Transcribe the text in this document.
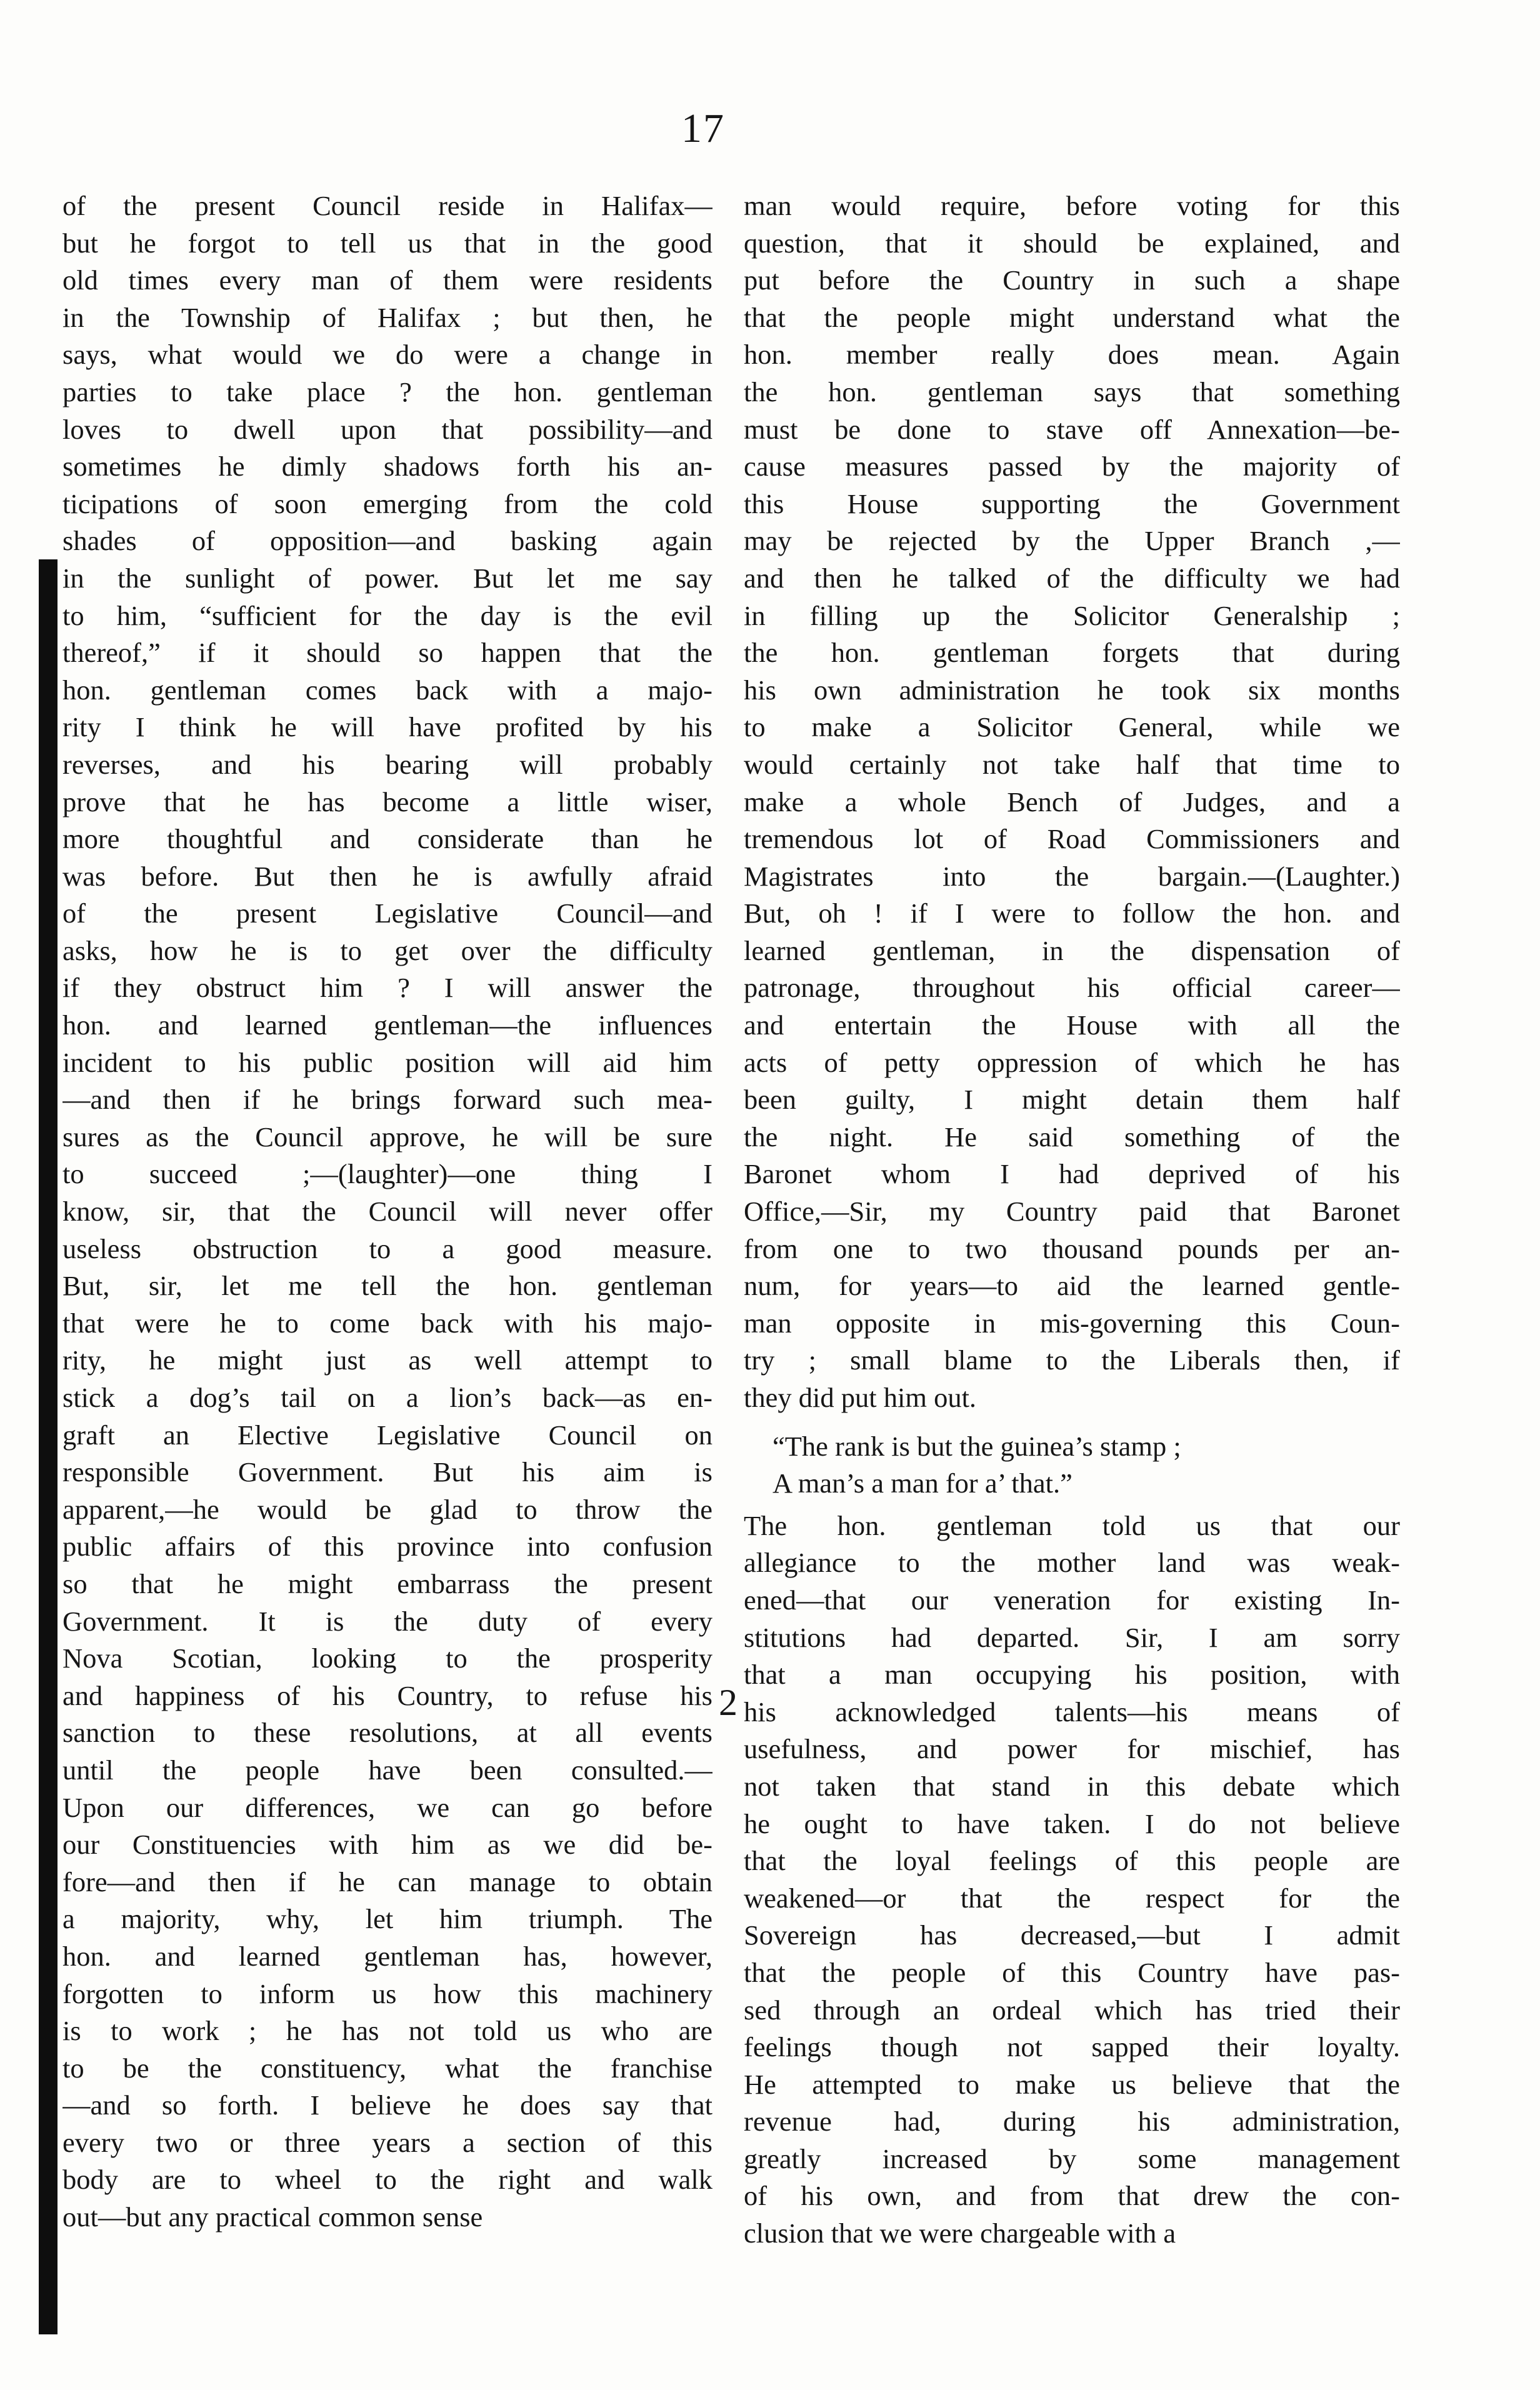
17
of the present Council reside in Halifax—
but he forgot to tell us that in the good
old times every man of them were residents
in the Township of Halifax ; but then, he
says, what would we do were a change in
parties to take place ? the hon. gentleman
loves to dwell upon that possibility—and
sometimes he dimly shadows forth his an-
ticipations of soon emerging from the cold
shades of opposition—and basking again
in the sunlight of power. But let me say
to him, “sufficient for the day is the evil
thereof,” if it should so happen that the
hon. gentleman comes back with a majo-
rity I think he will have profited by his
reverses, and his bearing will probably
prove that he has become a little wiser,
more thoughtful and considerate than he
was before. But then he is awfully afraid
of the present Legislative Council—and
asks, how he is to get over the difficulty
if they obstruct him ? I will answer the
hon. and learned gentleman—the influences
incident to his public position will aid him
—and then if he brings forward such mea-
sures as the Council approve, he will be sure
to succeed ;—(laughter)—one thing I
know, sir, that the Council will never offer
useless obstruction to a good measure.
But, sir, let me tell the hon. gentleman
that were he to come back with his majo-
rity, he might just as well attempt to
stick a dog’s tail on a lion’s back—as en-
graft an Elective Legislative Council on
responsible Government. But his aim is
apparent,—he would be glad to throw the
public affairs of this province into confusion
so that he might embarrass the present
Government. It is the duty of every
Nova Scotian, looking to the prosperity
and happiness of his Country, to refuse his
sanction to these resolutions, at all events
until the people have been consulted.—
Upon our differences, we can go before
our Constituencies with him as we did be-
fore—and then if he can manage to obtain
a majority, why, let him triumph. The
hon. and learned gentleman has, however,
forgotten to inform us how this machinery
is to work ; he has not told us who are
to be the constituency, what the franchise
—and so forth. I believe he does say that
every two or three years a section of this
body are to wheel to the right and walk
out—but any practical common sense
man would require, before voting for this
question, that it should be explained, and
put before the Country in such a shape
that the people might understand what the
hon. member really does mean. Again
the hon. gentleman says that something
must be done to stave off Annexation—be-
cause measures passed by the majority of
this House supporting the Government
may be rejected by the Upper Branch ,—
and then he talked of the difficulty we had
in filling up the Solicitor Generalship ;
the hon. gentleman forgets that during
his own administration he took six months
to make a Solicitor General, while we
would certainly not take half that time to
make a whole Bench of Judges, and a
tremendous lot of Road Commissioners and
Magistrates into the bargain.—(Laughter.)
But, oh ! if I were to follow the hon. and
learned gentleman, in the dispensation of
patronage, throughout his official career—
and entertain the House with all the
acts of petty oppression of which he has
been guilty, I might detain them half
the night. He said something of the
Baronet whom I had deprived of his
Office,—Sir, my Country paid that Baronet
from one to two thousand pounds per an-
num, for years—to aid the learned gentle-
man opposite in mis-governing this Coun-
try ; small blame to the Liberals then, if
they did put him out.
“The rank is but the guinea’s stamp ;
A man’s a man for a’ that.”
The hon. gentleman told us that our
allegiance to the mother land was weak-
ened—that our veneration for existing In-
stitutions had departed. Sir, I am sorry
that a man occupying his position, with
his acknowledged talents—his means of
usefulness, and power for mischief, has
not taken that stand in this debate which
he ought to have taken. I do not believe
that the loyal feelings of this people are
weakened—or that the respect for the
Sovereign has decreased,—but I admit
that the people of this Country have pas-
sed through an ordeal which has tried their
feelings though not sapped their loyalty.
He attempted to make us believe that the
revenue had, during his administration,
greatly increased by some management
of his own, and from that drew the con-
clusion that we were chargeable with a
2
